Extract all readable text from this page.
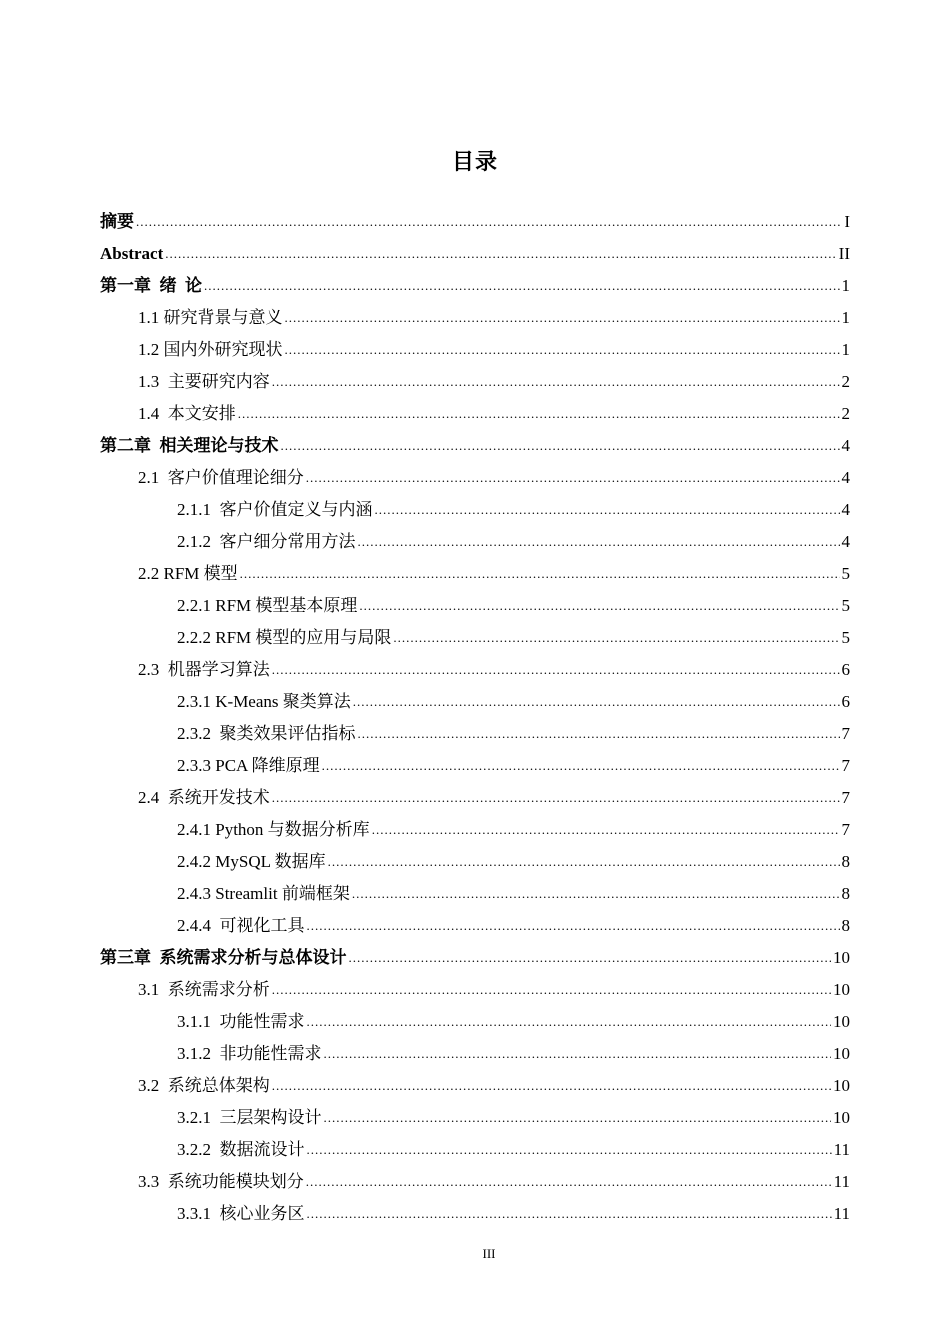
目录
摘要 .....	I
Abstract .....	II
第一章  绪  论 .....	1
1.1 研究背景与意义 .....	1
1.2 国内外研究现状 .....	1
1.3  主要研究内容 .....	2
1.4  本文安排 .....	2
第二章  相关理论与技术 .....	4
2.1  客户价值理论细分 .....	4
2.1.1  客户价值定义与内涵 .....	4
2.1.2  客户细分常用方法 .....	4
2.2 RFM 模型 .....	5
2.2.1 RFM 模型基本原理 .....	5
2.2.2 RFM 模型的应用与局限 .....	5
2.3  机器学习算法 .....	6
2.3.1 K-Means 聚类算法 .....	6
2.3.2  聚类效果评估指标 .....	7
2.3.3 PCA 降维原理 .....	7
2.4  系统开发技术 .....	7
2.4.1 Python 与数据分析库 .....	7
2.4.2 MySQL 数据库 .....	8
2.4.3 Streamlit 前端框架 .....	8
2.4.4  可视化工具 .....	8
第三章  系统需求分析与总体设计 .....	10
3.1  系统需求分析 .....	10
3.1.1  功能性需求 .....	10
3.1.2  非功能性需求 .....	10
3.2  系统总体架构 .....	10
3.2.1  三层架构设计 .....	10
3.2.2  数据流设计 .....	11
3.3  系统功能模块划分 .....	11
3.3.1  核心业务区 .....	11
III
